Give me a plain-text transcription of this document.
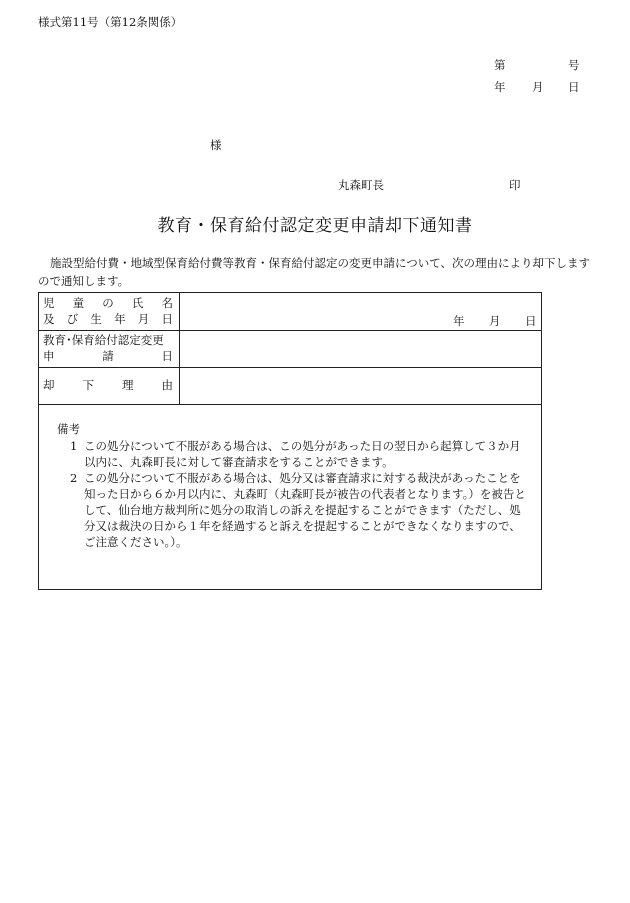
様式第11号（第12条関係）
第	号
年 月 日
様
丸森町長	印
教育・保育給付認定変更申請却下通知書
施設型給付費・地域型保育給付費等教育・保育給付認定の変更申請について、次の理由により却下しますので通知します。
児 童 の 氏 名
及 び 生 年 月 日	年 月 日
教育･保育給付認定変更
申	請	日
却 下 理 由
備考
1 この処分について不服がある場合は、この処分があった日の翌日から起算して３か月以内に、丸森町長に対して審査請求をすることができます。
2 この処分について不服がある場合は、処分又は審査請求に対する裁決があったことを知った日から６か月以内に、丸森町（丸森町長が被告の代表者となります。）を被告として、仙台地方裁判所に処分の取消しの訴えを提起することができます（ただし、処分又は裁決の日から１年を経過すると訴えを提起することができなくなりますので、ご注意ください。）。
